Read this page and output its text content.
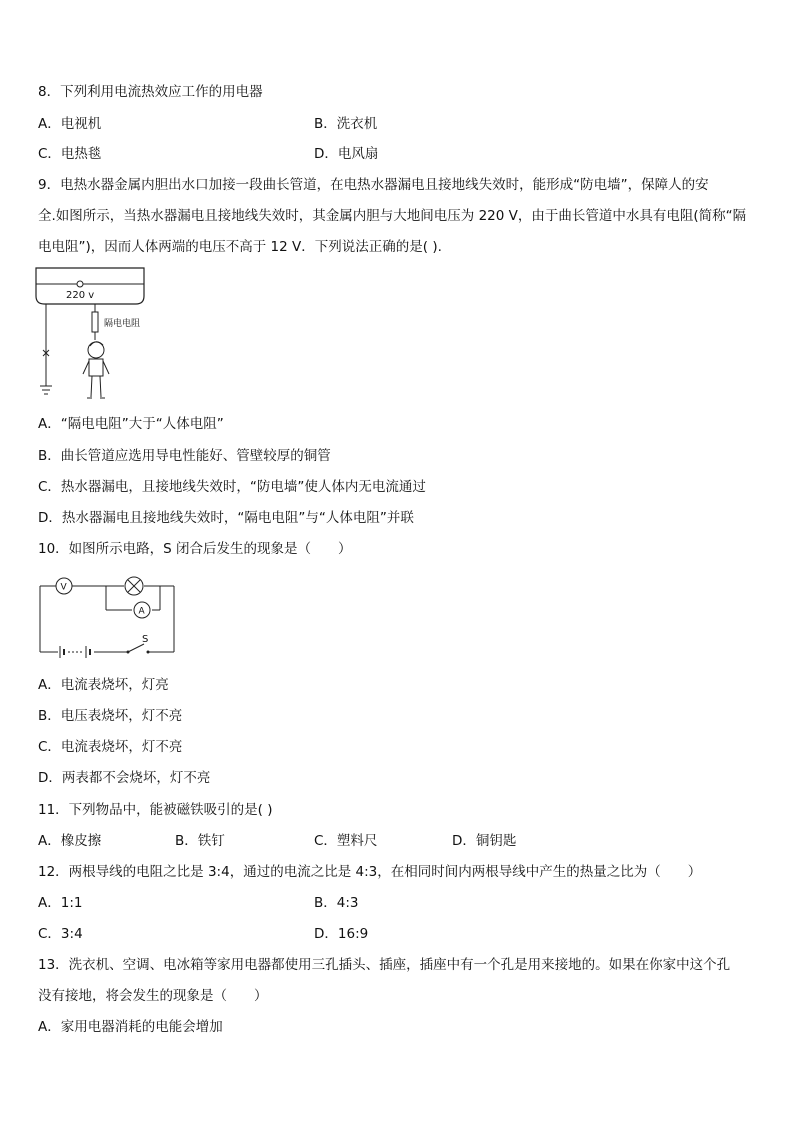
8．下列利用电流热效应工作的用电器
A．电视机	B．洗衣机
C．电热毯	D．电风扇
9．电热水器金属内胆出水口加接一段曲长管道，在电热水器漏电且接地线失效时，能形成“防电墙”，保障人的安
全.如图所示，当热水器漏电且接地线失效时，其金属内胆与大地间电压为 220 V，由于曲长管道中水具有电阻(简称“隔
电电阻”)，因而人体两端的电压不高于 12 V．下列说法正确的是( ).
220 v
隔电电阻
A．“隔电电阻”大于“人体电阻”
B．曲长管道应选用导电性能好、管壁较厚的铜管
C．热水器漏电，且接地线失效时，“防电墙”使人体内无电流通过
D．热水器漏电且接地线失效时，“隔电电阻”与“人体电阻”并联
10．如图所示电路，S 闭合后发生的现象是（　　）
V
A
S
A．电流表烧坏，灯亮
B．电压表烧坏，灯不亮
C．电流表烧坏，灯不亮
D．两表都不会烧坏，灯不亮
11．下列物品中，能被磁铁吸引的是( )
A．橡皮擦	B．铁钉	C．塑料尺	D．铜钥匙
12．两根导线的电阻之比是 3:4，通过的电流之比是 4:3，在相同时间内两根导线中产生的热量之比为（　　）
A．1:1	B．4:3
C．3:4	D．16:9
13．洗衣机、空调、电冰箱等家用电器都使用三孔插头、插座，插座中有一个孔是用来接地的。如果在你家中这个孔
没有接地，将会发生的现象是（　　）
A．家用电器消耗的电能会增加
